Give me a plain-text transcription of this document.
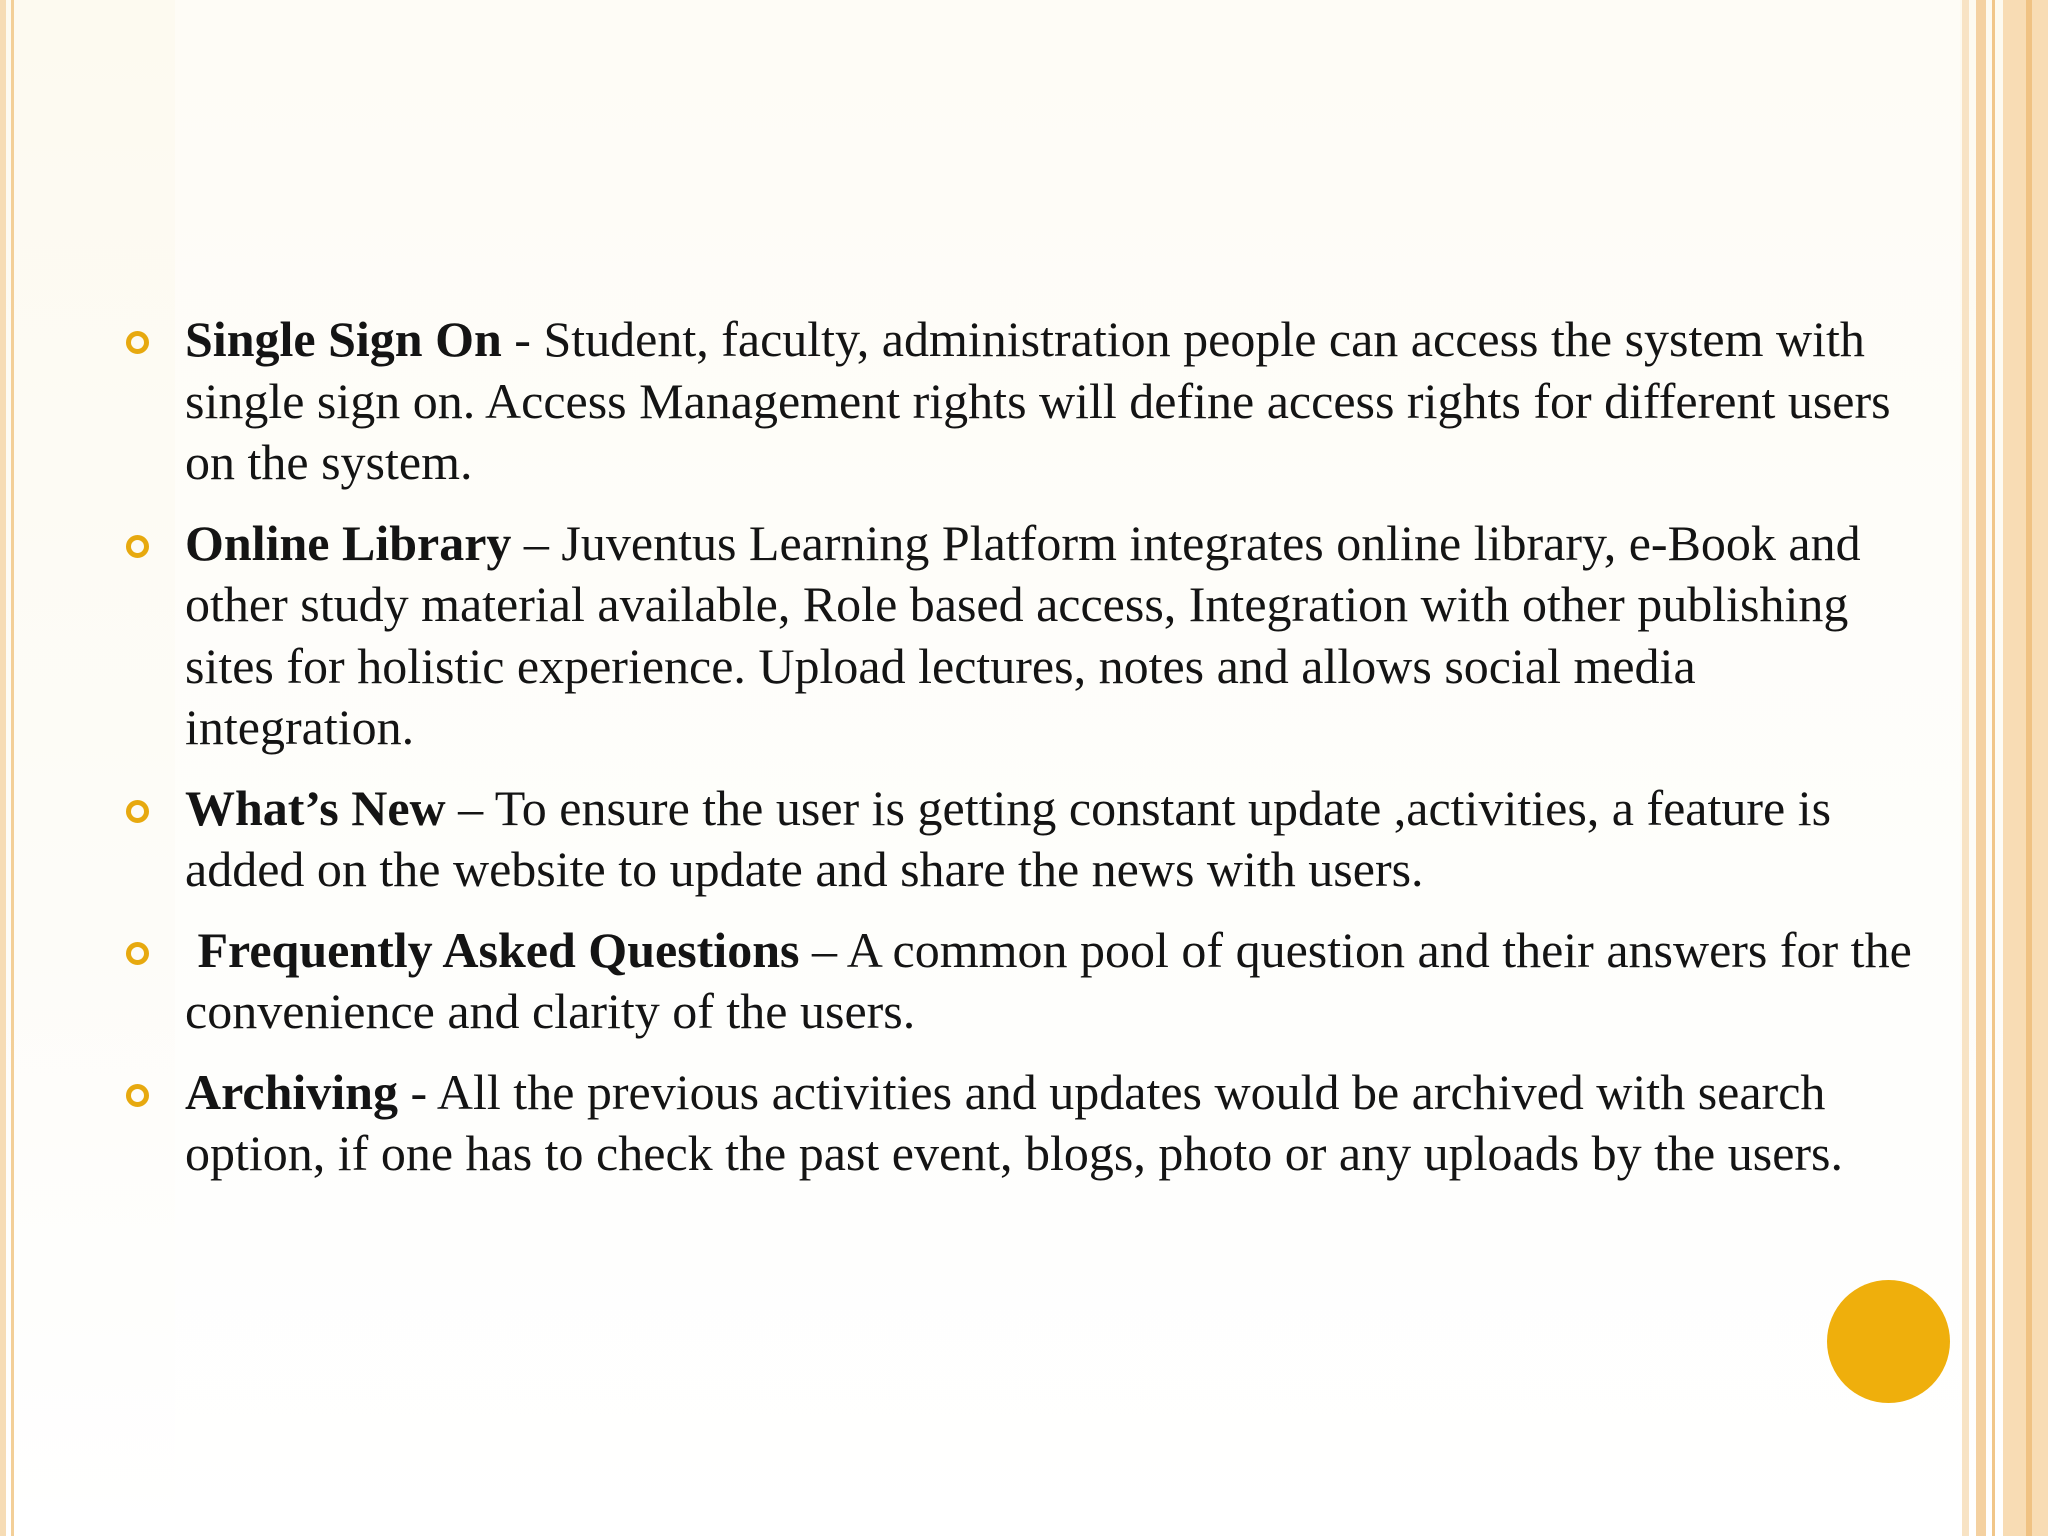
Single Sign On - Student, faculty, administration people can access the system with single sign on. Access Management rights will define access rights for different users on the system.
Online Library – Juventus Learning Platform integrates online library, e-Book and other study material available, Role based access, Integration with other publishing sites for holistic experience. Upload lectures, notes and allows social media integration.
What’s New – To ensure the user is getting constant update ,activities, a feature is added on the website to update and share the news with users.
Frequently Asked Questions – A common pool of question and their answers for the convenience and clarity of the users.
Archiving - All the previous activities and updates would be archived with search option, if one has to check the past event, blogs, photo or any uploads by the users.
